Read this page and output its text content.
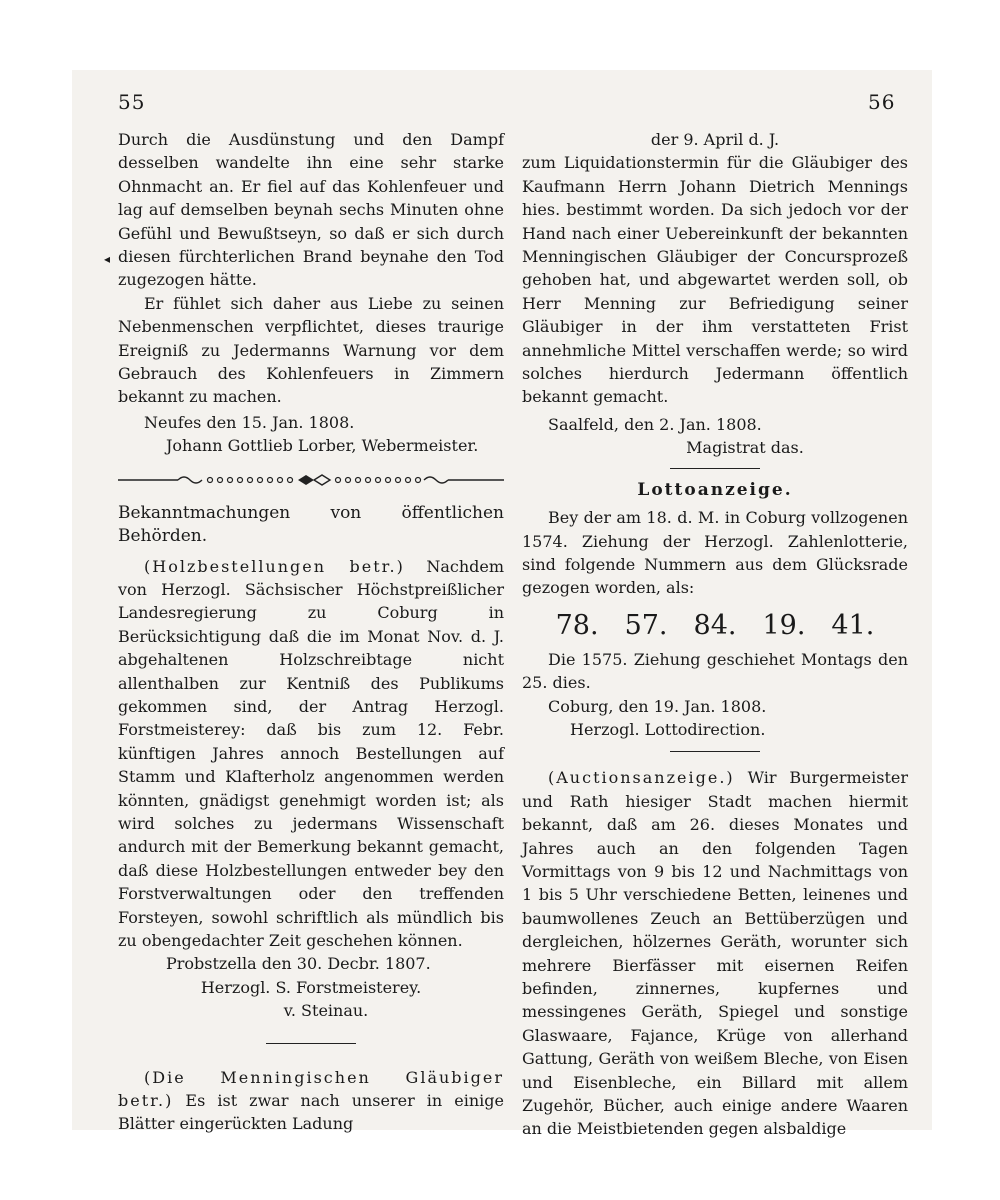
55	56
◂

Durch die Ausdünstung und den Dampf desselben wandelte ihn eine sehr starke Ohnmacht an. Er fiel auf das Kohlenfeuer und lag auf demselben beynah sechs Minuten ohne Gefühl und Bewußtseyn, so daß er sich durch diesen fürchterlichen Brand beynahe den Tod zugezogen hätte.

Er fühlet sich daher aus Liebe zu seinen Nebenmenschen verpflichtet, dieses traurige Ereigniß zu Jedermanns Warnung vor dem Gebrauch des Kohlenfeuers in Zimmern bekannt zu machen.

Neufes den 15. Jan. 1808.

Johann Gottlieb Lorber, Webermeister.

Bekanntmachungen von öffentlichen Behörden.

(Holzbestellungen betr.) Nachdem von Herzogl. Sächsischer Höchstpreißlicher Landesregierung zu Coburg in Berücksichtigung daß die im Monat Nov. d. J. abgehaltenen Holzschreibtage nicht allenthalben zur Kentniß des Publikums gekommen sind, der Antrag Herzogl. Forstmeisterey: daß bis zum 12. Febr. künftigen Jahres annoch Bestellungen auf Stamm und Klafterholz angenommen werden könnten, gnädigst genehmigt worden ist; als wird solches zu jedermans Wissenschaft andurch mit der Bemerkung bekannt gemacht, daß diese Holzbestellungen entweder bey den Forstverwaltungen oder den treffenden Forsteyen, sowohl schriftlich als mündlich bis zu obengedachter Zeit geschehen können.

Probstzella den 30. Decbr. 1807.

Herzogl. S. Forstmeisterey.

v. Steinau.

(Die Menningischen Gläubiger betr.) Es ist zwar nach unserer in einige Blätter eingerückten Ladung

der 9. April d. J.

zum Liquidationstermin für die Gläubiger des Kaufmann Herrn Johann Dietrich Mennings hies. bestimmt worden. Da sich jedoch vor der Hand nach einer Uebereinkunft der bekannten Menningischen Gläubiger der Concursprozeß gehoben hat, und abgewartet werden soll, ob Herr Menning zur Befriedigung seiner Gläubiger in der ihm verstatteten Frist annehmliche Mittel verschaffen werde; so wird solches hierdurch Jedermann öffentlich bekannt gemacht.

Saalfeld, den 2. Jan. 1808.

Magistrat das.

Lottoanzeige.

Bey der am 18. d. M. in Coburg vollzogenen 1574. Ziehung der Herzogl. Zahlenlotterie, sind folgende Nummern aus dem Glücksrade gezogen worden, als:

78. 57. 84. 19. 41.

Die 1575. Ziehung geschiehet Montags den 25. dies.

Coburg, den 19. Jan. 1808.

Herzogl. Lottodirection.

(Auctionsanzeige.) Wir Burgermeister und Rath hiesiger Stadt machen hiermit bekannt, daß am 26. dieses Monates und Jahres auch an den folgenden Tagen Vormittags von 9 bis 12 und Nachmittags von 1 bis 5 Uhr verschiedene Betten, leinenes und baumwollenes Zeuch an Bettüberzügen und dergleichen, hölzernes Geräth, worunter sich mehrere Bierfässer mit eisernen Reifen befinden, zinnernes, kupfernes und messingenes Geräth, Spiegel und sonstige Glaswaare, Fajance, Krüge von allerhand Gattung, Geräth von weißem Bleche, von Eisen und Eisenbleche, ein Billard mit allem Zugehör, Bücher, auch einige andere Waaren an die Meistbietenden gegen alsbaldige
